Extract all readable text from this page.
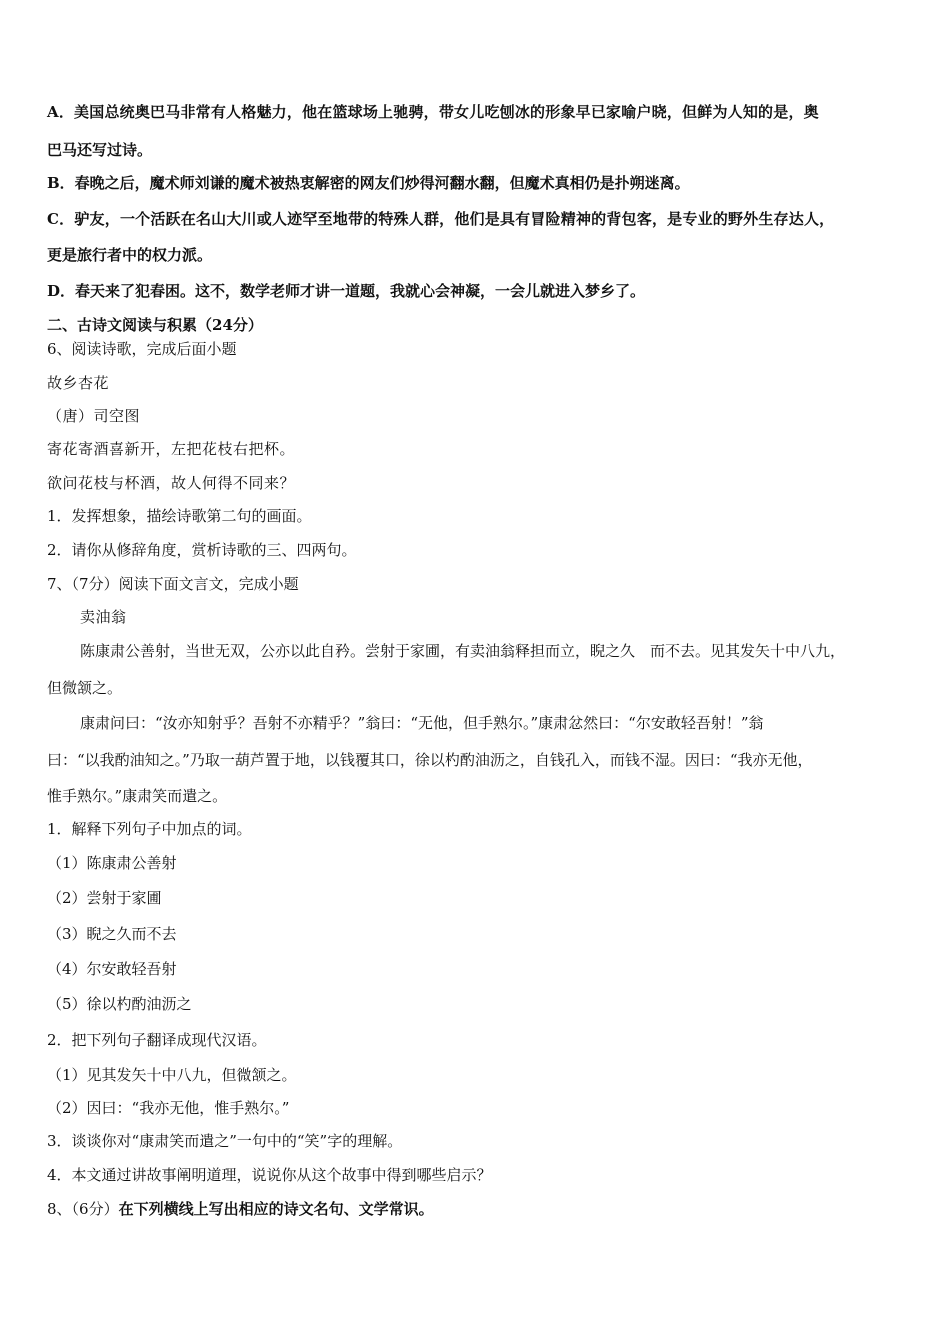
A．美国总统奥巴马非常有人格魅力，他在篮球场上驰骋，带女儿吃刨冰的形象早已家喻户晓，但鲜为人知的是，奥
巴马还写过诗。
B．春晚之后，魔术师刘谦的魔术被热衷解密的网友们炒得河翻水翻，但魔术真相仍是扑朔迷离。
C．驴友，一个活跃在名山大川或人迹罕至地带的特殊人群，他们是具有冒险精神的背包客，是专业的野外生存达人，
更是旅行者中的权力派。
D．春天来了犯春困。这不，数学老师才讲一道题，我就心会神凝，一会儿就进入梦乡了。
二、古诗文阅读与积累（24分）
6、阅读诗歌，完成后面小题
故乡杏花
（唐）司空图
寄花寄酒喜新开，左把花枝右把杯。
欲问花枝与杯酒，故人何得不同来？
1．发挥想象，描绘诗歌第二句的画面。
2．请你从修辞角度，赏析诗歌的三、四两句。
7、（7分）阅读下面文言文，完成小题
卖油翁
陈康肃公善射，当世无双，公亦以此自矜。尝射于家圃，有卖油翁释担而立，睨之久　而不去。见其发矢十中八九，
但微颔之。
康肃问曰：“汝亦知射乎？吾射不亦精乎？”翁曰：“无他，但手熟尔。”康肃忿然曰：“尔安敢轻吾射！”翁
曰：“以我酌油知之。”乃取一葫芦置于地，以钱覆其口，徐以杓酌油沥之，自钱孔入，而钱不湿。因曰：“我亦无他，
惟手熟尔。”康肃笑而遣之。
1．解释下列句子中加点的词。
（1）陈康肃公善射
（2）尝射于家圃
（3）睨之久而不去
（4）尔安敢轻吾射
（5）徐以杓酌油沥之
2．把下列句子翻译成现代汉语。
（1）见其发矢十中八九，但微颔之。
（2）因曰：“我亦无他，惟手熟尔。”
3．谈谈你对“康肃笑而遣之”一句中的“笑”字的理解。
4．本文通过讲故事阐明道理，说说你从这个故事中得到哪些启示？
8、（6分）在下列横线上写出相应的诗文名句、文学常识。
